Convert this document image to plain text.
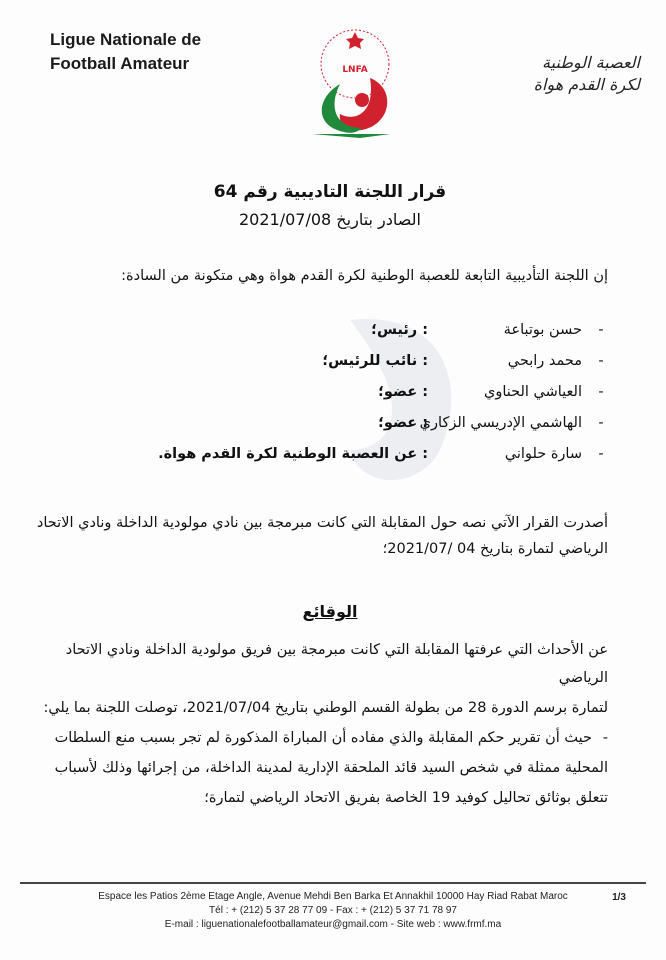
Ligue Nationale de
Football Amateur	LNFA	العصبة الوطنية
لكرة القدم هواة
قرار اللجنة التاديبية رقم 64
الصادر بتاريخ 2021/07/08
إن اللجنة التأديبية التابعة للعصبة الوطنية لكرة القدم هواة وهي متكونة من السادة:
-
حسن بوتباعة
: رئيس؛
-
محمد رابحي
: نائب للرئيس؛
-
العياشي الحناوي
: عضو؛
-
الهاشمي الإدريسي الزكاري
: عضو؛
-
سارة حلواني
: عن العصبة الوطنية لكرة القدم هواة.
أصدرت القرار الآتي نصه حول المقابلة التي كانت مبرمجة بين نادي مولودية الداخلة ونادي الاتحاد
الرياضي لتمارة بتاريخ 04 /2021/07؛
الوقائع

عن الأحداث التي عرفتها المقابلة التي كانت مبرمجة بين فريق مولودية الداخلة ونادي الاتحاد الرياضي

لتمارة برسم الدورة 28 من بطولة القسم الوطني بتاريخ 2021/07/04، توصلت اللجنة بما يلي:

- حيث أن تقرير حكم المقابلة والذي مفاده أن المباراة المذكورة لم تجر بسبب منع السلطات

المحلية ممثلة في شخص السيد قائد الملحقة الإدارية لمدينة الداخلة، من إجرائها وذلك لأسباب

تتعلق بوثائق تحاليل كوفيد 19 الخاصة بفريق الاتحاد الرياضي لتمارة؛

Espace les Patios 2ème Etage Angle, Avenue Mehdi Ben Barka Et Annakhil 10000 Hay Riad Rabat Maroc
Tél : + (212) 5 37 28 77 09 - Fax : + (212) 5 37 71 78 97
E-mail : liguenationalefootballamateur@gmail.com - Site web : www.frmf.ma
1/3
